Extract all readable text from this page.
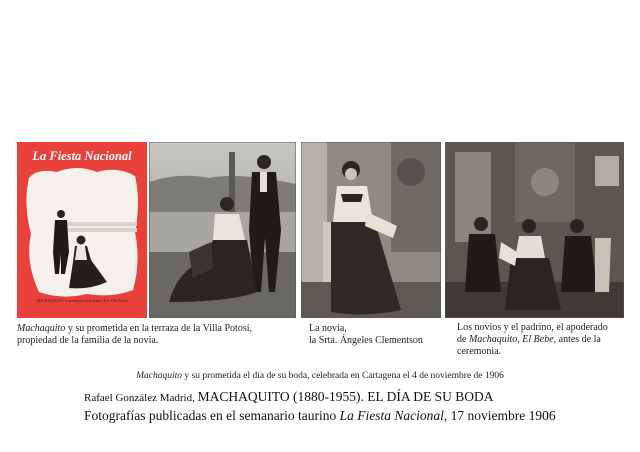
La Fiesta Nacional
MACHAQUITO y su prometida en la terraza de la Villa Potosí
Machaquito y su prometida en la terraza de la Villa Potosí,
propiedad de la familia de la novia.
La novia,
la Srta. Ángeles Clementson
Los novios y el padrino, el apoderado
de Machaquito, El Bebe, antes de la
ceremonia.
Machaquito y su prometida el día de su boda, celebrada en Cartagena el 4 de noviembre de 1906
Rafael González Madrid, MACHAQUITO (1880-1955). EL DÍA DE SU BODA
Fotografías publicadas en el semanario taurino La Fiesta Nacional, 17 noviembre 1906
